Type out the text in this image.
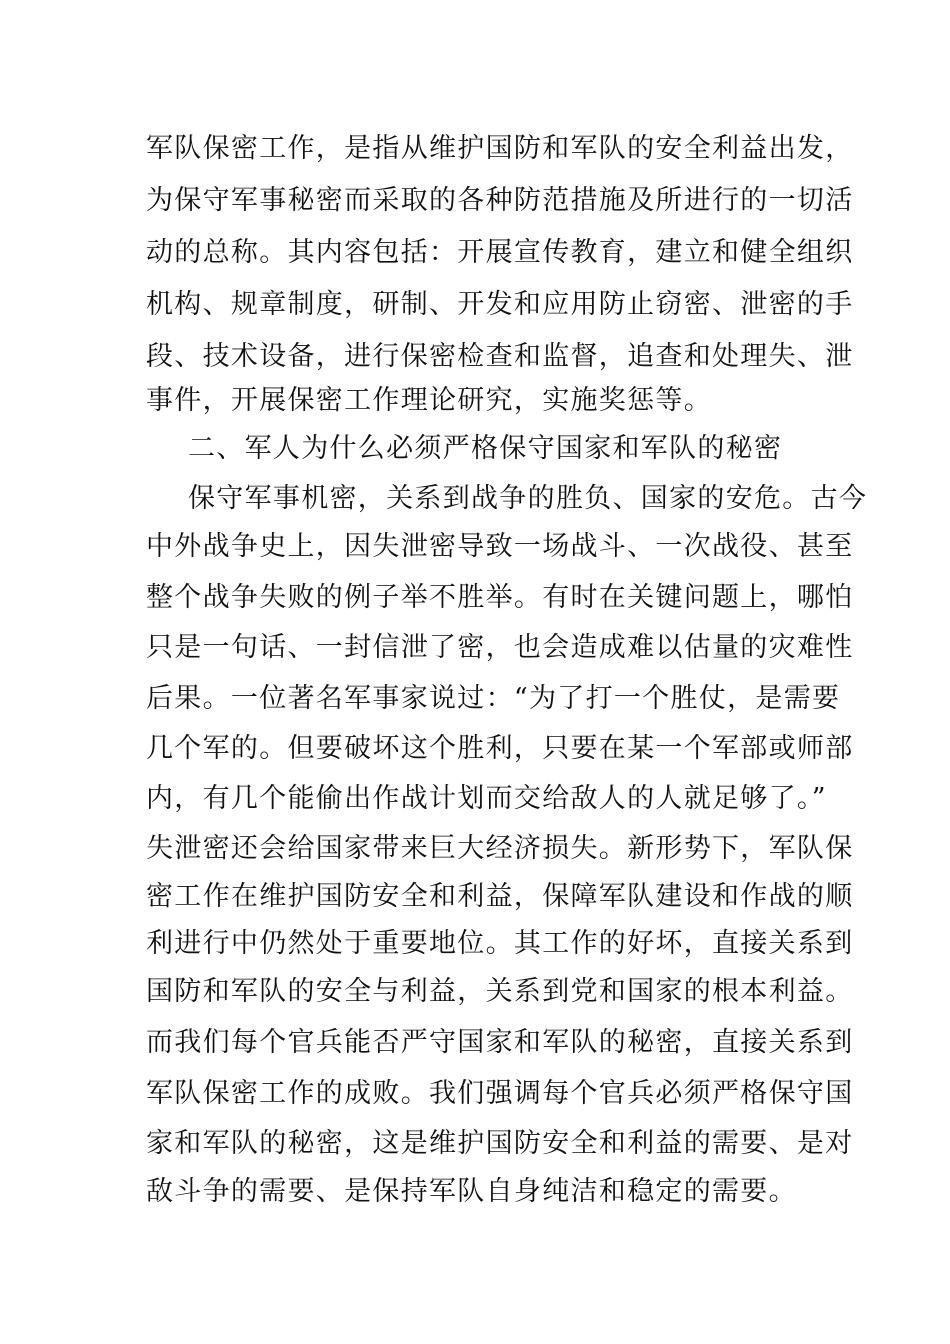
军队保密工作，是指从维护国防和军队的安全利益出发，
为保守军事秘密而采取的各种防范措施及所进行的一切活
动的总称。其内容包括：开展宣传教育，建立和健全组织
机构、规章制度，研制、开发和应用防止窃密、泄密的手
段、技术设备，进行保密检查和监督，追查和处理失、泄
事件，开展保密工作理论研究，实施奖惩等。
二、军人为什么必须严格保守国家和军队的秘密
保守军事机密，关系到战争的胜负、国家的安危。古今
中外战争史上，因失泄密导致一场战斗、一次战役、甚至
整个战争失败的例子举不胜举。有时在关键问题上，哪怕
只是一句话、一封信泄了密，也会造成难以估量的灾难性
后果。一位著名军事家说过：“为了打一个胜仗，是需要
几个军的。但要破坏这个胜利，只要在某一个军部或师部
内，有几个能偷出作战计划而交给敌人的人就足够了。”
失泄密还会给国家带来巨大经济损失。新形势下，军队保
密工作在维护国防安全和利益，保障军队建设和作战的顺
利进行中仍然处于重要地位。其工作的好坏，直接关系到
国防和军队的安全与利益，关系到党和国家的根本利益。
而我们每个官兵能否严守国家和军队的秘密，直接关系到
军队保密工作的成败。我们强调每个官兵必须严格保守国
家和军队的秘密，这是维护国防安全和利益的需要、是对
敌斗争的需要、是保持军队自身纯洁和稳定的需要。
